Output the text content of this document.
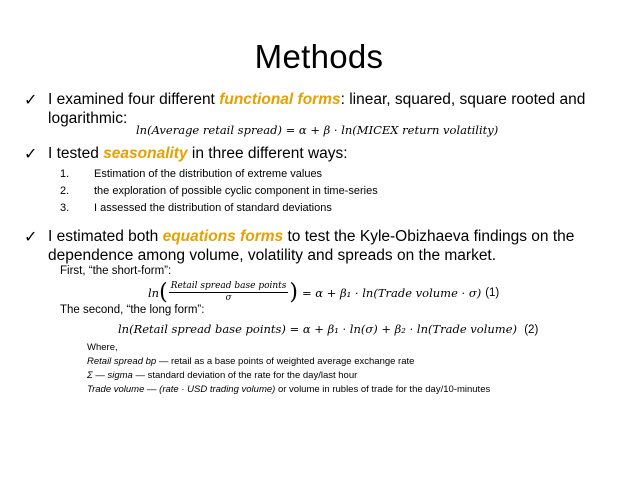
Methods
✓ I examined four different functional forms: linear, squared, square rooted and logarithmic:
ln(Average retail spread) = α + β · ln(MICEX return volatility)
✓ I tested seasonality in three different ways:
1.	Estimation of the distribution of extreme values
2.	the exploration of possible cyclic component in time-series
3.	I assessed the distribution of standard deviations
✓ I estimated both equations forms to test the Kyle-Obizhaeva findings on the dependence among volume, volatility and spreads on the market.
First, “the short-form”:
ln ( $\frac{\text{Retail spread base points}}{\sigma}$ ) = α + β₁ · ln(Trade volume · σ) (1)
The second, “the long form”:
ln(Retail spread base points) = α + β₁ · ln(σ) + β₂ · ln(Trade volume) (2)
Where,
Retail spread bp — retail as a base points of weighted average exchange rate
Σ — sigma — standard deviation of the rate for the day/last hour
Trade volume — (rate · USD trading volume) or volume in rubles of trade for the day/10-minutes
